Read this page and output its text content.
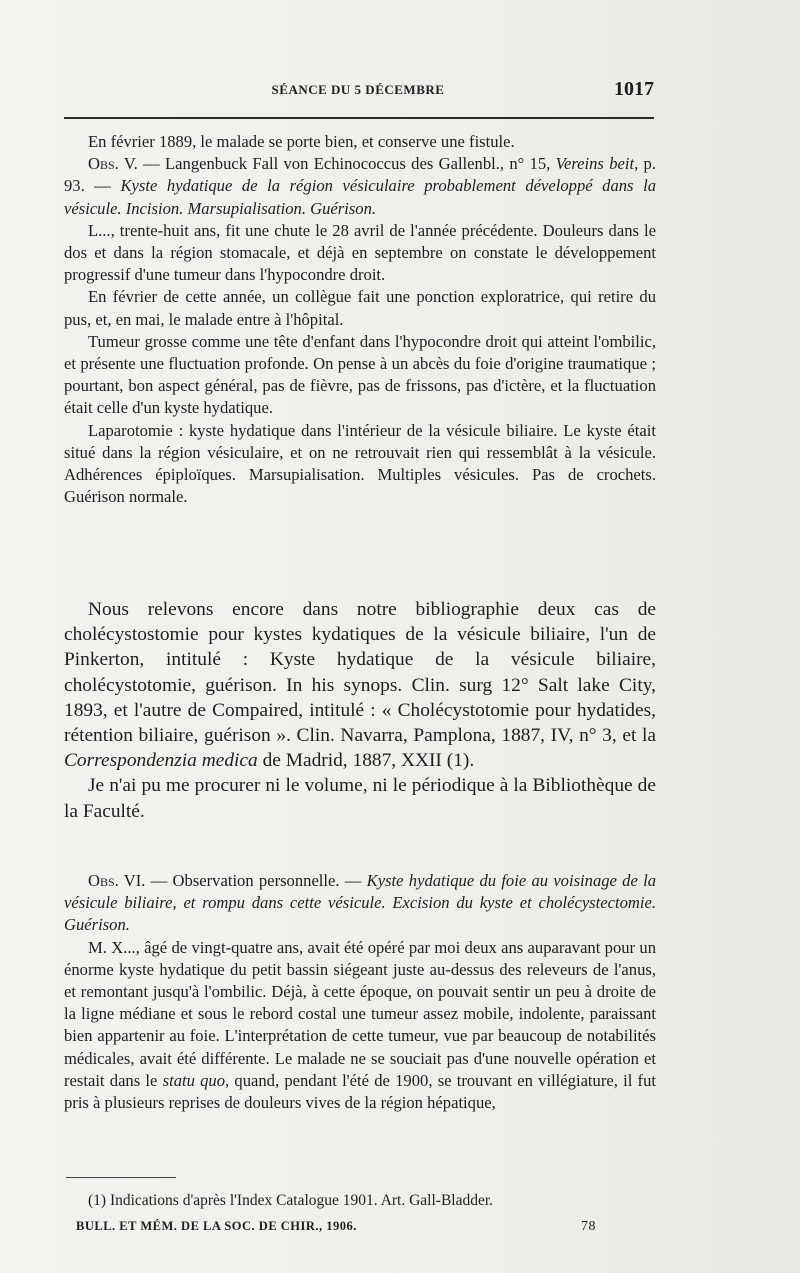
SÉANCE DU 5 DÉCEMBRE	1017

En février 1889, le malade se porte bien, et conserve une fistule.

Obs. V. — Langenbuck Fall von Echinococcus des Gallenbl., n° 15, Vereins beit, p. 93. — Kyste hydatique de la région vésiculaire probablement développé dans la vésicule. Incision. Marsupialisation. Guérison.

L..., trente-huit ans, fit une chute le 28 avril de l'année précédente. Douleurs dans le dos et dans la région stomacale, et déjà en septembre on constate le développement progressif d'une tumeur dans l'hypocondre droit.

En février de cette année, un collègue fait une ponction exploratrice, qui retire du pus, et, en mai, le malade entre à l'hôpital.

Tumeur grosse comme une tête d'enfant dans l'hypocondre droit qui atteint l'ombilic, et présente une fluctuation profonde. On pense à un abcès du foie d'origine traumatique ; pourtant, bon aspect général, pas de fièvre, pas de frissons, pas d'ictère, et la fluctuation était celle d'un kyste hydatique.

Laparotomie : kyste hydatique dans l'intérieur de la vésicule biliaire. Le kyste était situé dans la région vésiculaire, et on ne retrouvait rien qui ressemblât à la vésicule. Adhérences épiploïques. Marsupialisation. Multiples vésicules. Pas de crochets. Guérison normale.

Nous relevons encore dans notre bibliographie deux cas de cholécystostomie pour kystes kydatiques de la vésicule biliaire, l'un de Pinkerton, intitulé : Kyste hydatique de la vésicule biliaire, cholécystotomie, guérison. In his synops. Clin. surg 12° Salt lake City, 1893, et l'autre de Compaired, intitulé : « Cholécystotomie pour hydatides, rétention biliaire, guérison ». Clin. Navarra, Pamplona, 1887, IV, n° 3, et la Correspondenzia medica de Madrid, 1887, XXII (1).

Je n'ai pu me procurer ni le volume, ni le périodique à la Bibliothèque de la Faculté.

Obs. VI. — Observation personnelle. — Kyste hydatique du foie au voisinage de la vésicule biliaire, et rompu dans cette vésicule. Excision du kyste et cholécystectomie. Guérison.

M. X..., âgé de vingt-quatre ans, avait été opéré par moi deux ans auparavant pour un énorme kyste hydatique du petit bassin siégeant juste au-dessus des releveurs de l'anus, et remontant jusqu'à l'ombilic. Déjà, à cette époque, on pouvait sentir un peu à droite de la ligne médiane et sous le rebord costal une tumeur assez mobile, indolente, paraissant bien appartenir au foie. L'interprétation de cette tumeur, vue par beaucoup de notabilités médicales, avait été différente. Le malade ne se souciait pas d'une nouvelle opération et restait dans le statu quo, quand, pendant l'été de 1900, se trouvant en villégiature, il fut pris à plusieurs reprises de douleurs vives de la région hépatique,

(1) Indications d'après l'Index Catalogue 1901. Art. Gall-Bladder.
BULL. ET MÉM. DE LA SOC. DE CHIR., 1906.	78
